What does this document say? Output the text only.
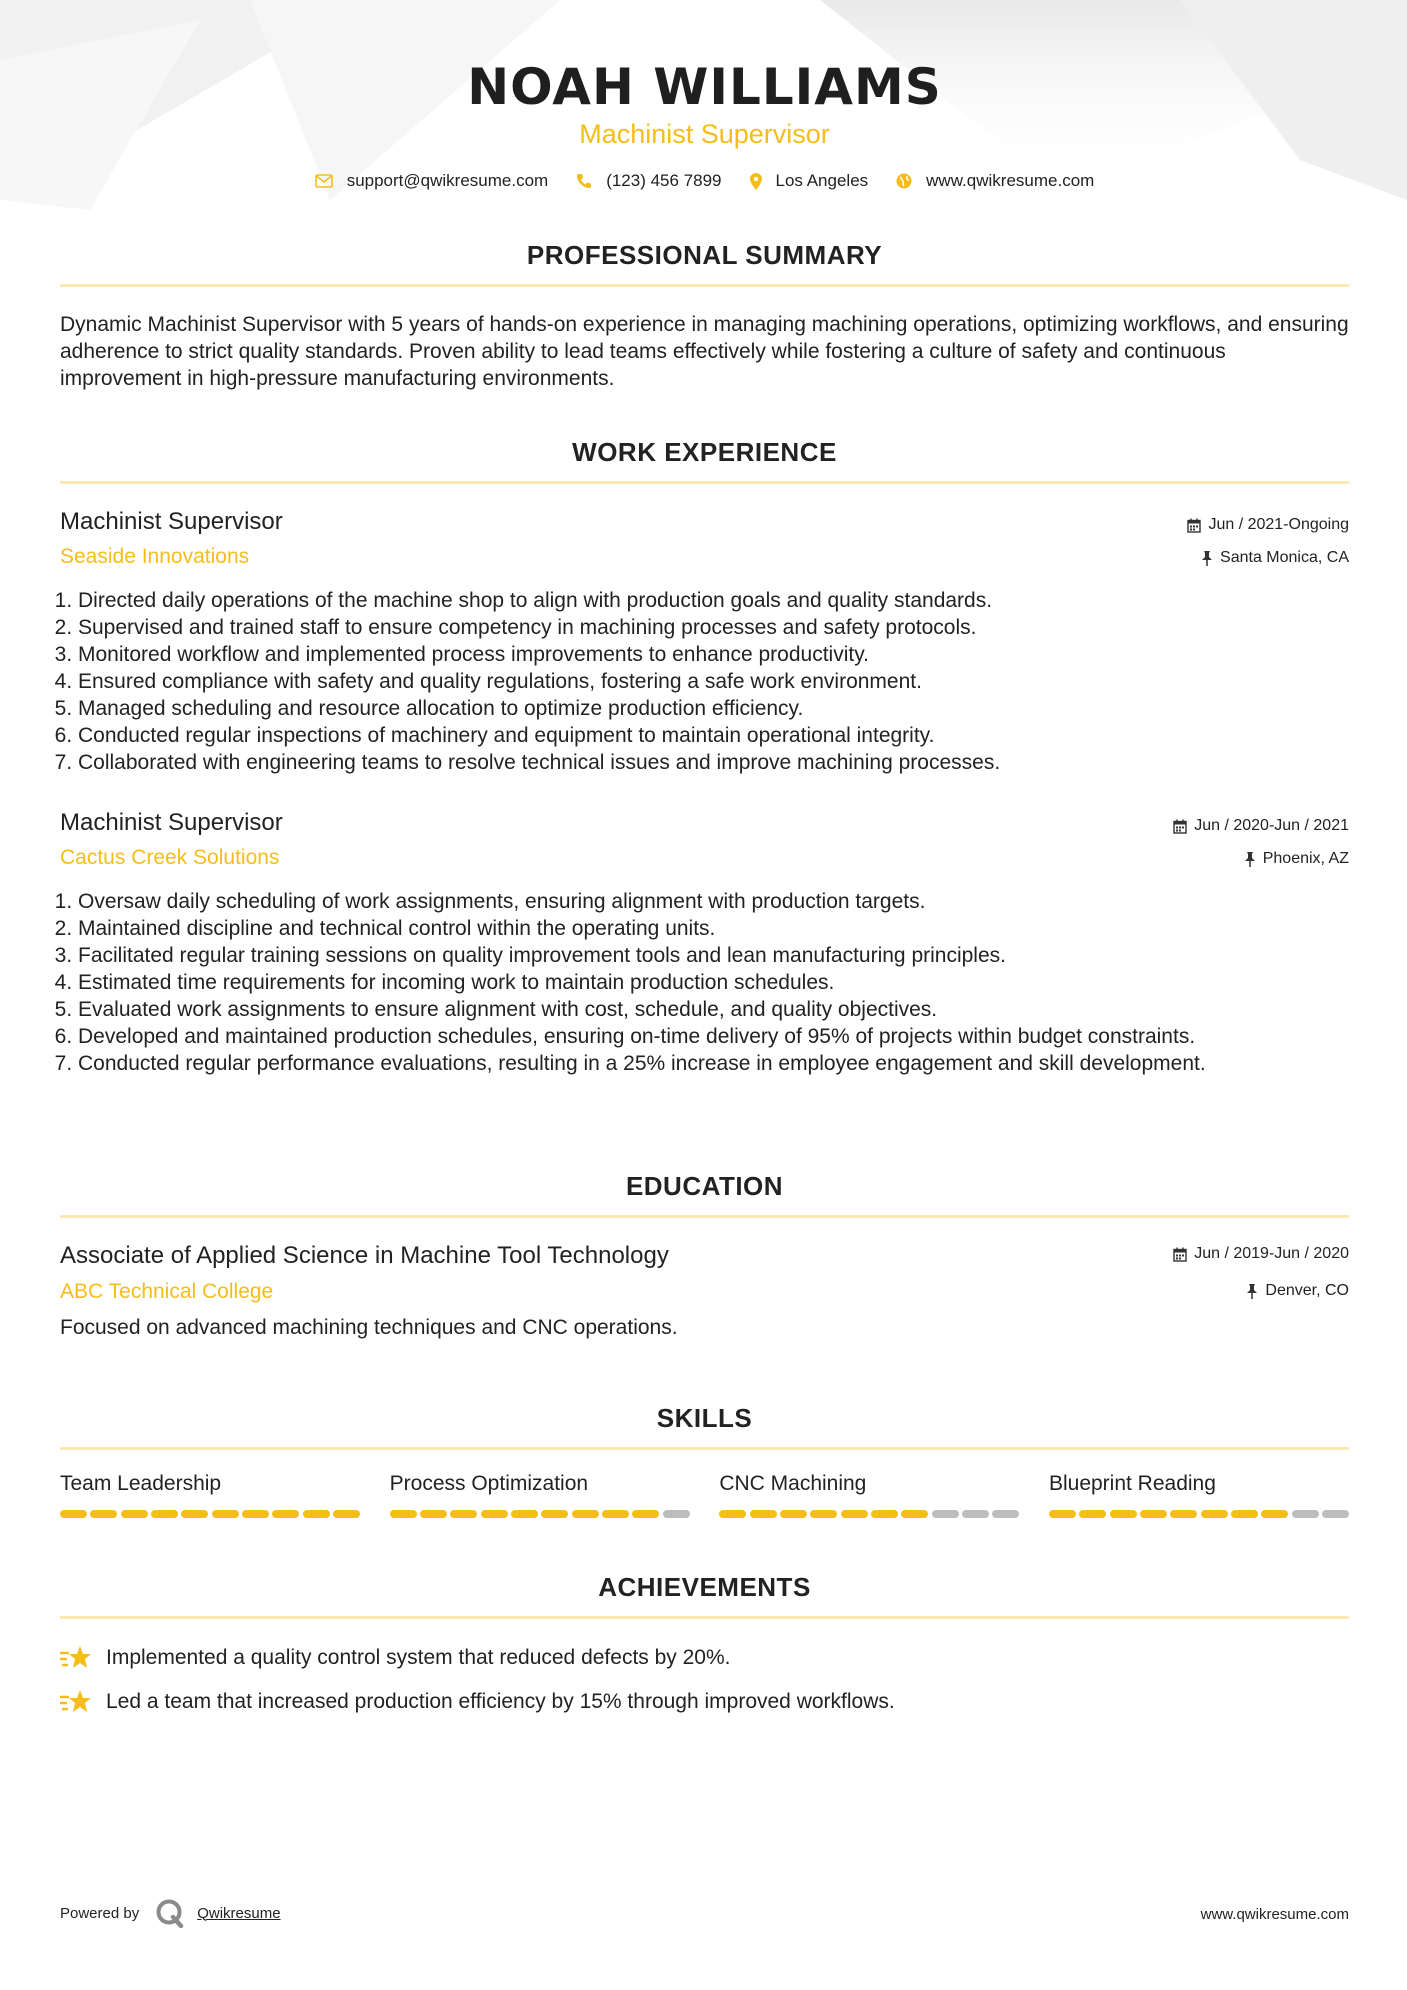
NOAH WILLIAMS

Machinist Supervisor

support@qwikresume.com	(123) 456 7899	Los Angeles	www.qwikresume.com
PROFESSIONAL SUMMARY

Dynamic Machinist Supervisor with 5 years of hands-on experience in managing machining operations, optimizing workflows, and ensuring adherence to strict quality standards. Proven ability to lead teams effectively while fostering a culture of safety and continuous improvement in high-pressure manufacturing environments.

WORK EXPERIENCE

Machinist Supervisor	Jun / 2021-Ongoing

Seaside Innovations	Santa Monica, CA
1. Directed daily operations of the machine shop to align with production goals and quality standards.
2. Supervised and trained staff to ensure competency in machining processes and safety protocols.
3. Monitored workflow and implemented process improvements to enhance productivity.
4. Ensured compliance with safety and quality regulations, fostering a safe work environment.
5. Managed scheduling and resource allocation to optimize production efficiency.
6. Conducted regular inspections of machinery and equipment to maintain operational integrity.
7. Collaborated with engineering teams to resolve technical issues and improve machining processes.

Machinist Supervisor	Jun / 2020-Jun / 2021

Cactus Creek Solutions	Phoenix, AZ
1. Oversaw daily scheduling of work assignments, ensuring alignment with production targets.
2. Maintained discipline and technical control within the operating units.
3. Facilitated regular training sessions on quality improvement tools and lean manufacturing principles.
4. Estimated time requirements for incoming work to maintain production schedules.
5. Evaluated work assignments to ensure alignment with cost, schedule, and quality objectives.
6. Developed and maintained production schedules, ensuring on-time delivery of 95% of projects within budget constraints.
7. Conducted regular performance evaluations, resulting in a 25% increase in employee engagement and skill development.
EDUCATION

Associate of Applied Science in Machine Tool Technology	Jun / 2019-Jun / 2020

ABC Technical College	Denver, CO

Focused on advanced machining techniques and CNC operations.

SKILLS

Team Leadership	Process Optimization	CNC Machining	Blueprint Reading

ACHIEVEMENTS
Implemented a quality control system that reduced defects by 20%.
Led a team that increased production efficiency by 15% through improved workflows.
Powered by	Qwikresume	www.qwikresume.com
